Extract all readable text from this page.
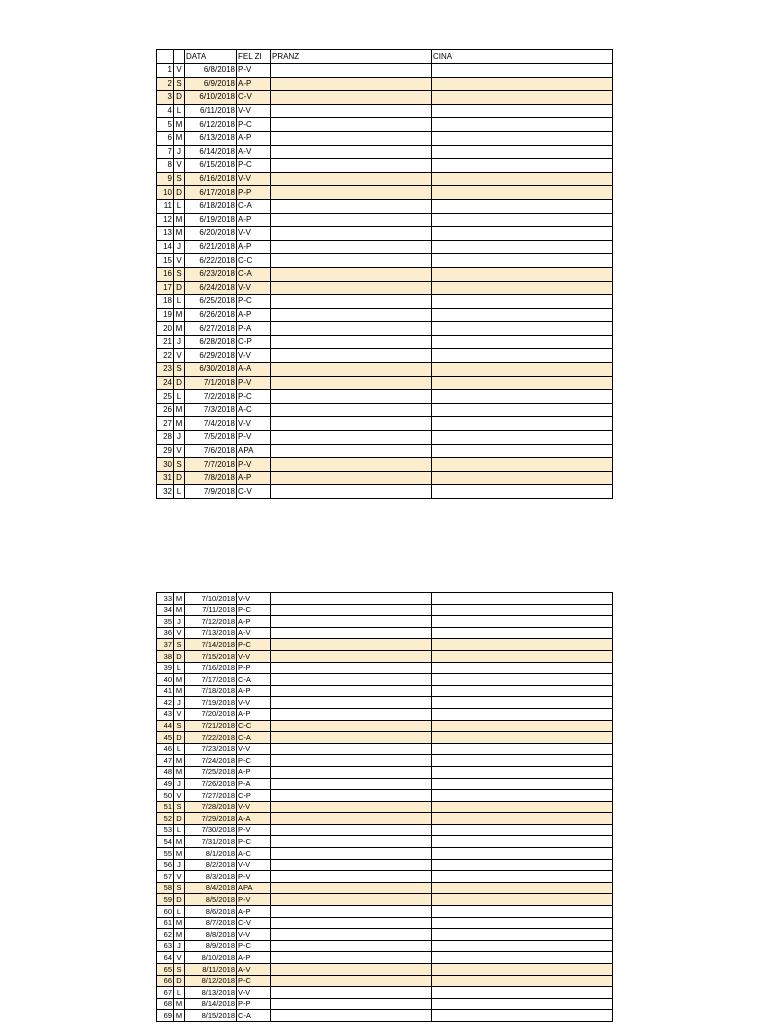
		DATA	FEL ZI	PRANZ	CINA
1	V	6/8/2018	P-V		
2	S	6/9/2018	A-P		
3	D	6/10/2018	C-V		
4	L	6/11/2018	V-V		
5	M	6/12/2018	P-C		
6	M	6/13/2018	A-P		
7	J	6/14/2018	A-V		
8	V	6/15/2018	P-C		
9	S	6/16/2018	V-V		
10	D	6/17/2018	P-P		
11	L	6/18/2018	C-A		
12	M	6/19/2018	A-P		
13	M	6/20/2018	V-V		
14	J	6/21/2018	A-P		
15	V	6/22/2018	C-C		
16	S	6/23/2018	C-A		
17	D	6/24/2018	V-V		
18	L	6/25/2018	P-C		
19	M	6/26/2018	A-P		
20	M	6/27/2018	P-A		
21	J	6/28/2018	C-P		
22	V	6/29/2018	V-V		
23	S	6/30/2018	A-A		
24	D	7/1/2018	P-V		
25	L	7/2/2018	P-C		
26	M	7/3/2018	A-C		
27	M	7/4/2018	V-V		
28	J	7/5/2018	P-V		
29	V	7/6/2018	APA		
30	S	7/7/2018	P-V		
31	D	7/8/2018	A-P		
32	L	7/9/2018	C-V		
33	M	7/10/2018	V-V		
34	M	7/11/2018	P-C		
35	J	7/12/2018	A-P		
36	V	7/13/2018	A-V		
37	S	7/14/2018	P-C		
38	D	7/15/2018	V-V		
39	L	7/16/2018	P-P		
40	M	7/17/2018	C-A		
41	M	7/18/2018	A-P		
42	J	7/19/2018	V-V		
43	V	7/20/2018	A-P		
44	S	7/21/2018	C-C		
45	D	7/22/2018	C-A		
46	L	7/23/2018	V-V		
47	M	7/24/2018	P-C		
48	M	7/25/2018	A-P		
49	J	7/26/2018	P-A		
50	V	7/27/2018	C-P		
51	S	7/28/2018	V-V		
52	D	7/29/2018	A-A		
53	L	7/30/2018	P-V		
54	M	7/31/2018	P-C		
55	M	8/1/2018	A-C		
56	J	8/2/2018	V-V		
57	V	8/3/2018	P-V		
58	S	8/4/2018	APA		
59	D	8/5/2018	P-V		
60	L	8/6/2018	A-P		
61	M	8/7/2018	C-V		
62	M	8/8/2018	V-V		
63	J	8/9/2018	P-C		
64	V	8/10/2018	A-P		
65	S	8/11/2018	A-V		
66	D	8/12/2018	P-C		
67	L	8/13/2018	V-V		
68	M	8/14/2018	P-P		
69	M	8/15/2018	C-A		
